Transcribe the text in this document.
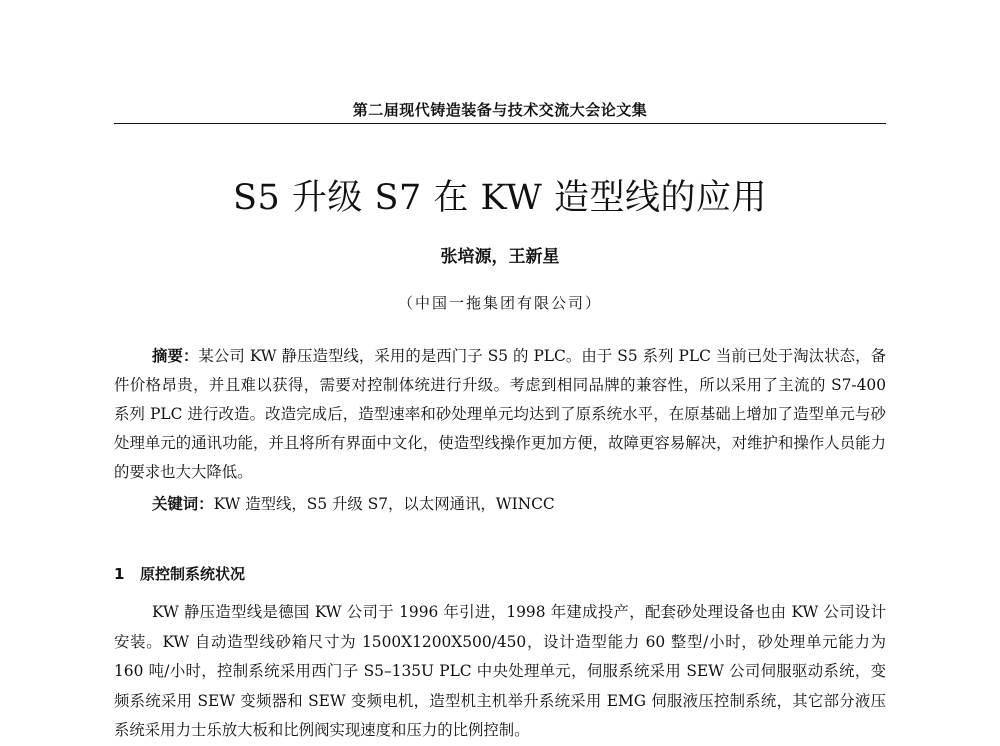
第二届现代铸造装备与技术交流大会论文集
S5 升级 S7 在 KW 造型线的应用
张培源，王新星
（中国一拖集团有限公司）

摘要：某公司 KW 静压造型线，采用的是西门子 S5 的 PLC。由于 S5 系列 PLC 当前已处于淘汰状态，备件价格昂贵，并且难以获得，需要对控制体统进行升级。考虑到相同品牌的兼容性，所以采用了主流的 S7-400 系列 PLC 进行改造。改造完成后，造型速率和砂处理单元均达到了原系统水平，在原基础上增加了造型单元与砂处理单元的通讯功能，并且将所有界面中文化，使造型线操作更加方便，故障更容易解决，对维护和操作人员能力的要求也大大降低。

关键词：KW 造型线，S5 升级 S7，以太网通讯，WINCC

1 原控制系统状况

KW 静压造型线是德国 KW 公司于 1996 年引进，1998 年建成投产，配套砂处理设备也由 KW 公司设计安装。KW 自动造型线砂箱尺寸为 1500X1200X500/450，设计造型能力 60 整型/小时，砂处理单元能力为 160 吨/小时，控制系统采用西门子 S5–135U PLC 中央处理单元，伺服系统采用 SEW 公司伺服驱动系统，变频系统采用 SEW 变频器和 SEW 变频电机，造型机主机举升系统采用 EMG 伺服液压控制系统，其它部分液压系统采用力士乐放大板和比例阀实现速度和压力的比例控制。
